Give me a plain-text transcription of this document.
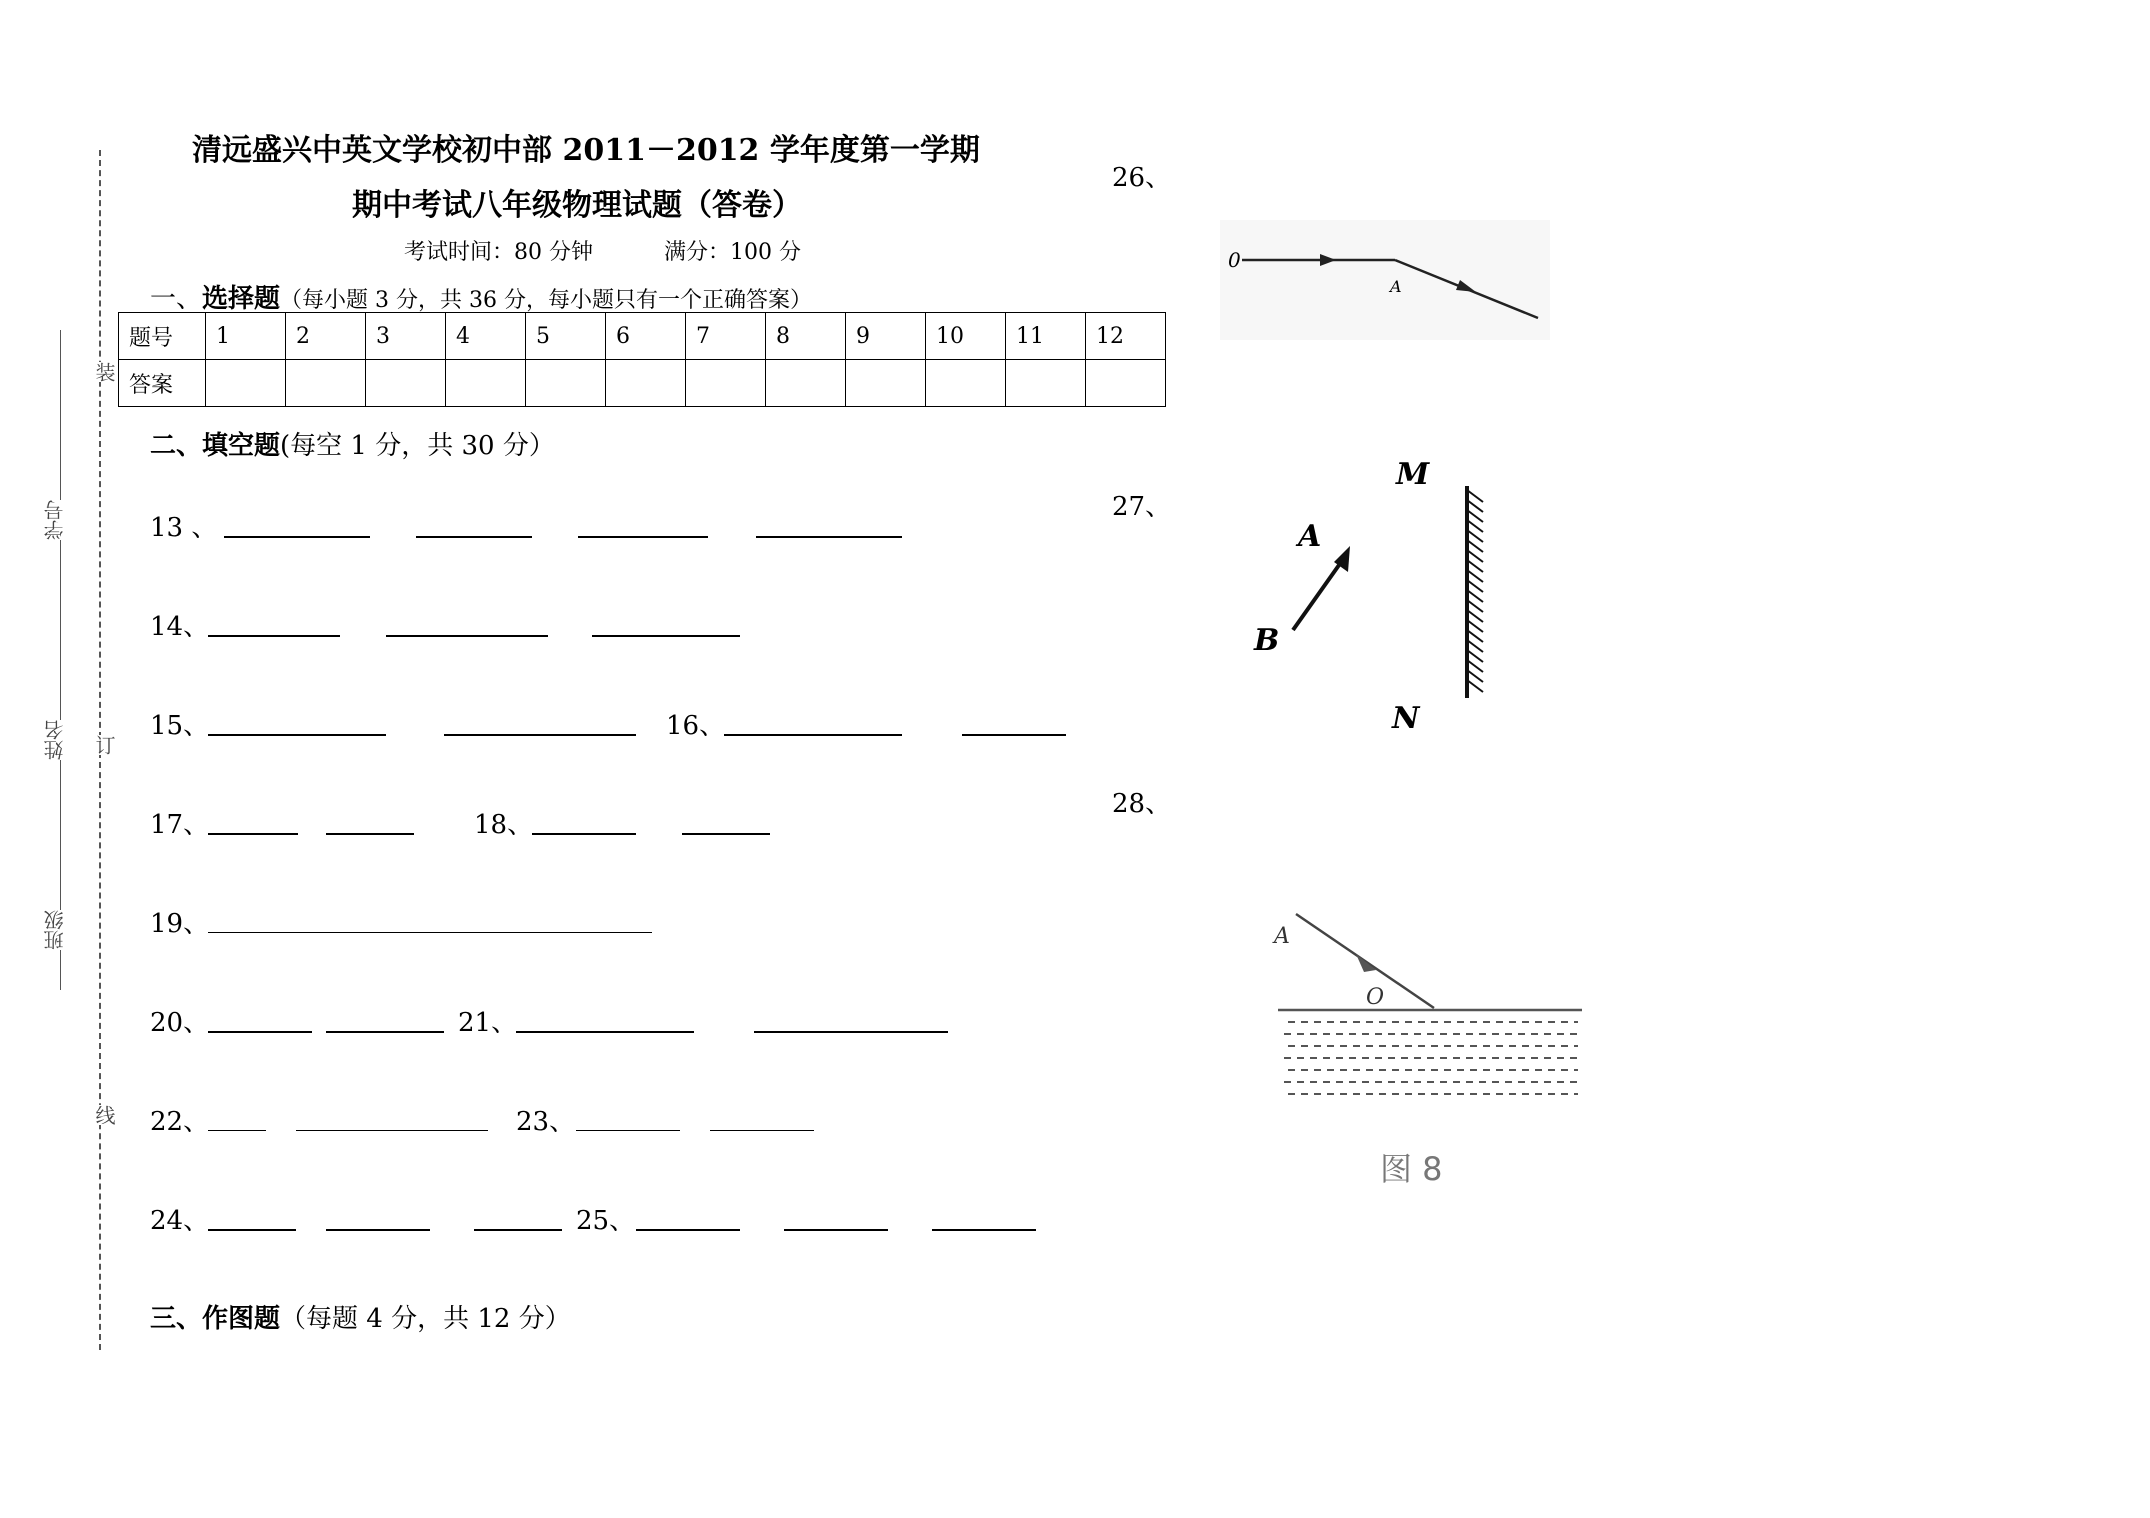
装
订
线
学号
姓名
班级
清远盛兴中英文学校初中部 2011－2012 学年度第一学期
期中考试八年级物理试题（答卷）
考试时间：80 分钟	满分：100 分
一、选择题（每小题 3 分，共 36 分，每小题只有一个正确答案）
题号	1	2	3	4	5	6	7	8	9	10	11	12
答案												
二、填空题(每空 1 分，共 30 分）
13 、
14、
15、	16、
17、	18、
19、
20、	21、
22、	23、
24、	25、
三、作图题（每题 4 分，共 12 分）
26、
27、
28、
0
A
M
N
A
B
A
O
图 8
